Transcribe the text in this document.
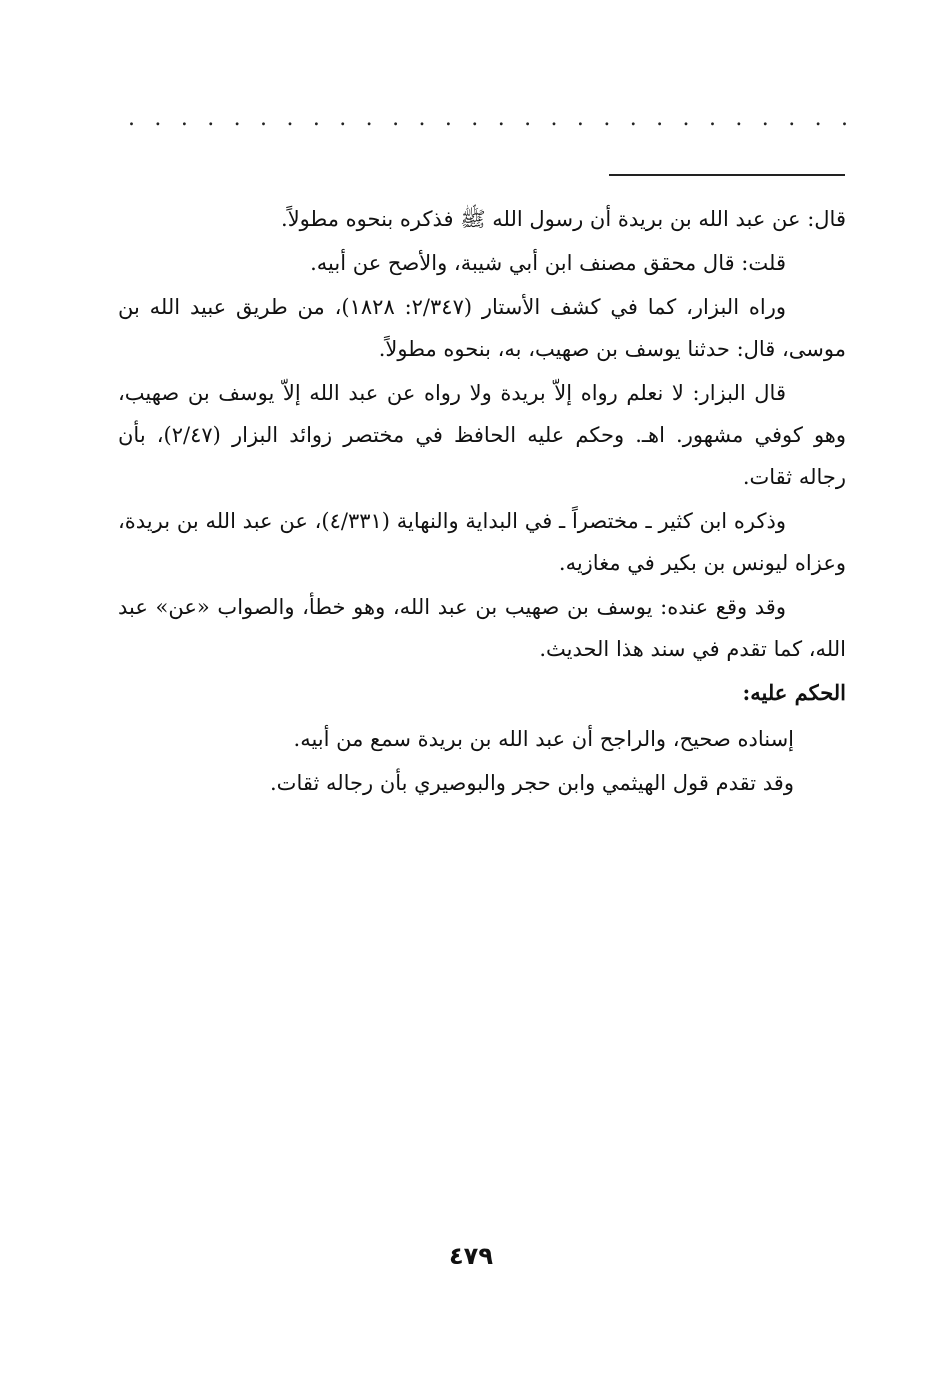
. . . . . . . . . . . . . . . . . . . . . . . . . . . .

قال: عن عبد الله بن بريدة أن رسول الله ﷺ فذكره بنحوه مطولاً.

قلت: قال محقق مصنف ابن أبي شيبة، والأصح عن أبيه.

وراه البزار، كما في كشف الأستار (٢/٣٤٧: ١٨٢٨)، من طريق عبيد الله بن موسى، قال: حدثنا يوسف بن صهيب، به، بنحوه مطولاً.

قال البزار: لا نعلم رواه إلاّ بريدة ولا رواه عن عبد الله إلاّ يوسف بن صهيب، وهو كوفي مشهور. اهـ. وحكم عليه الحافظ في مختصر زوائد البزار (٢/٤٧)، بأن رجاله ثقات.

وذكره ابن كثير ـ مختصراً ـ في البداية والنهاية (٤/٣٣١)، عن عبد الله بن بريدة، وعزاه ليونس بن بكير في مغازيه.

وقد وقع عنده: يوسف بن صهيب بن عبد الله، وهو خطأ، والصواب «عن» عبد الله، كما تقدم في سند هذا الحديث.

الحكم عليه:

إسناده صحيح، والراجح أن عبد الله بن بريدة سمع من أبيه.

وقد تقدم قول الهيثمي وابن حجر والبوصيري بأن رجاله ثقات.

٤٧٩
